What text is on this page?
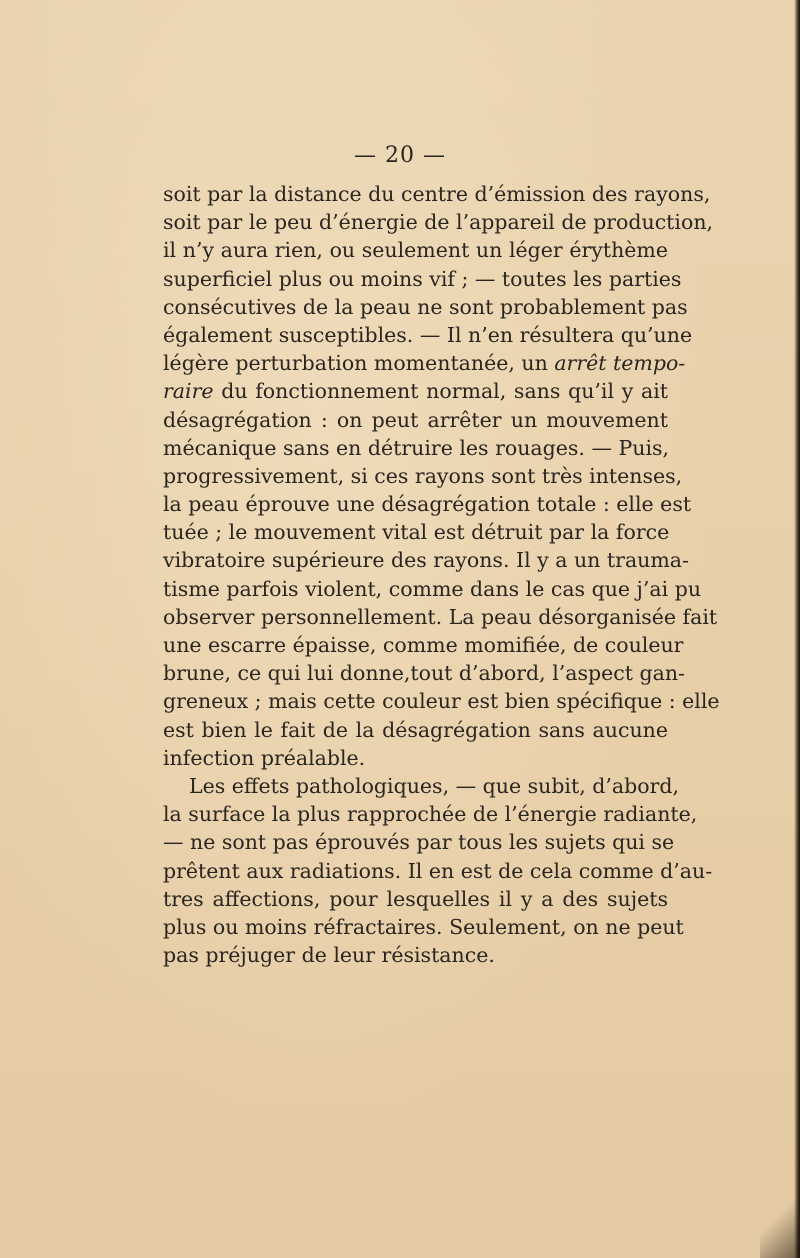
— 20 —
soit par la distance du centre d’émission des rayons,
soit par le peu d’énergie de l’appareil de production,
il n’y aura rien, ou seulement un léger érythème
superficiel plus ou moins vif ; — toutes les parties
consécutives de la peau ne sont probablement pas
également susceptibles. — Il n’en résultera qu’une
légère perturbation momentanée, un arrêt tempo-
raire du fonctionnement normal, sans qu’il y ait
désagrégation : on peut arrêter un mouvement
mécanique sans en détruire les rouages. — Puis,
progressivement, si ces rayons sont très intenses,
la peau éprouve une désagrégation totale : elle est
tuée ; le mouvement vital est détruit par la force
vibratoire supérieure des rayons. Il y a un trauma-
tisme parfois violent, comme dans le cas que j’ai pu
observer personnellement. La peau désorganisée fait
une escarre épaisse, comme momifiée, de couleur
brune, ce qui lui donne,tout d’abord, l’aspect gan-
greneux ; mais cette couleur est bien spécifique : elle
est bien le fait de la désagrégation sans aucune
infection préalable.
Les effets pathologiques, — que subit, d’abord,
la surface la plus rapprochée de l’énergie radiante,
— ne sont pas éprouvés par tous les sujets qui se
prêtent aux radiations. Il en est de cela comme d’au-
tres affections, pour lesquelles il y a des sujets
plus ou moins réfractaires. Seulement, on ne peut
pas préjuger de leur résistance.
